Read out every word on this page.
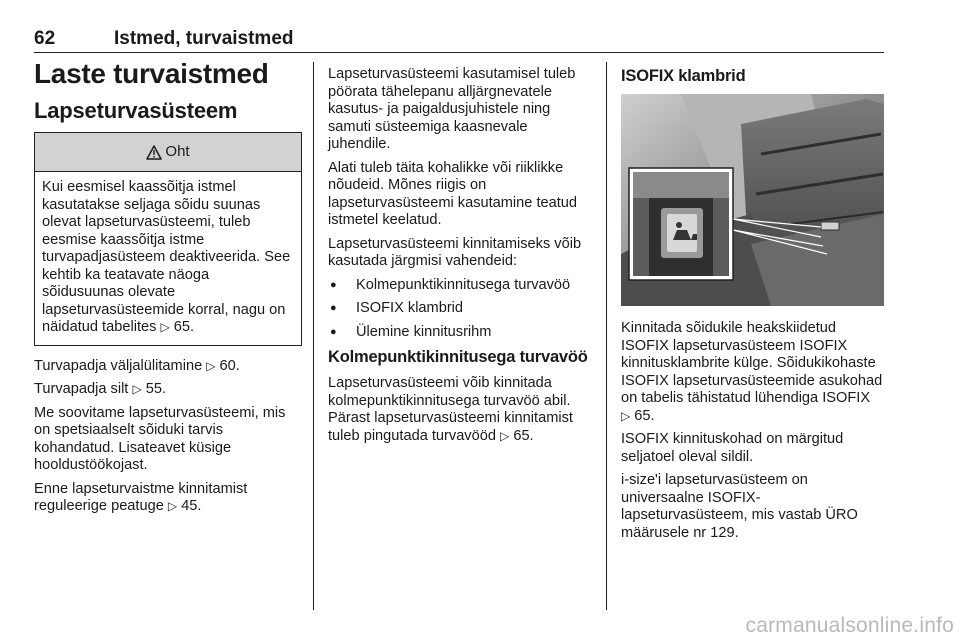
62	Istmed, turvaistmed
Laste turvaistmed
Lapseturvasüsteem
Oht
Kui eesmisel kaassõitja istmel kasutatakse seljaga sõidu suunas olevat lapseturvasüsteemi, tuleb eesmise kaassõitja istme turvapadjasüsteem deaktiveerida. See kehtib ka teatavate näoga sõidusuunas olevate lapseturvasüsteemide korral, nagu on näidatud tabelites ▷ 65.

Turvapadja väljalülitamine ▷ 60.

Turvapadja silt ▷ 55.

Me soovitame lapseturvasüsteemi, mis on spetsiaalselt sõiduki tarvis kohandatud. Lisateavet küsige hooldustöökojast.

Enne lapseturvaistme kinnitamist reguleerige peatuge ▷ 45.

Lapseturvasüsteemi kasutamisel tuleb pöörata tähelepanu alljärgnevatele kasutus- ja paigaldusjuhistele ning samuti süsteemiga kaasnevale juhendile.

Alati tuleb täita kohalikke või riiklikke nõudeid. Mõnes riigis on lapseturvasüsteemi kasutamine teatud istmetel keelatud.

Lapseturvasüsteemi kinnitamiseks võib kasutada järgmisi vahendeid:

● Kolmepunktikinnitusega turvavöö
● ISOFIX klambrid
● Ülemine kinnitusrihm
Kolmepunktikinnitusega turvavöö

Lapseturvasüsteemi võib kinnitada kolmepunktikinnitusega turvavöö abil. Pärast lapseturvasüsteemi kinnitamist tuleb pingutada turvavööd ▷ 65.

ISOFIX klambrid

Kinnitada sõidukile heakskiidetud ISOFIX lapseturvasüsteem ISOFIX kinnitusklambrite külge. Sõidukikohaste ISOFIX lapseturvasüsteemide asukohad on tabelis tähistatud lühendiga ISOFIX
▷ 65.

ISOFIX kinnituskohad on märgitud seljatoel oleval sildil.

i-size'i lapseturvasüsteem on universaalne ISOFIX-lapseturvasüsteem, mis vastab ÜRO määrusele nr 129.

carmanualsonline.info
